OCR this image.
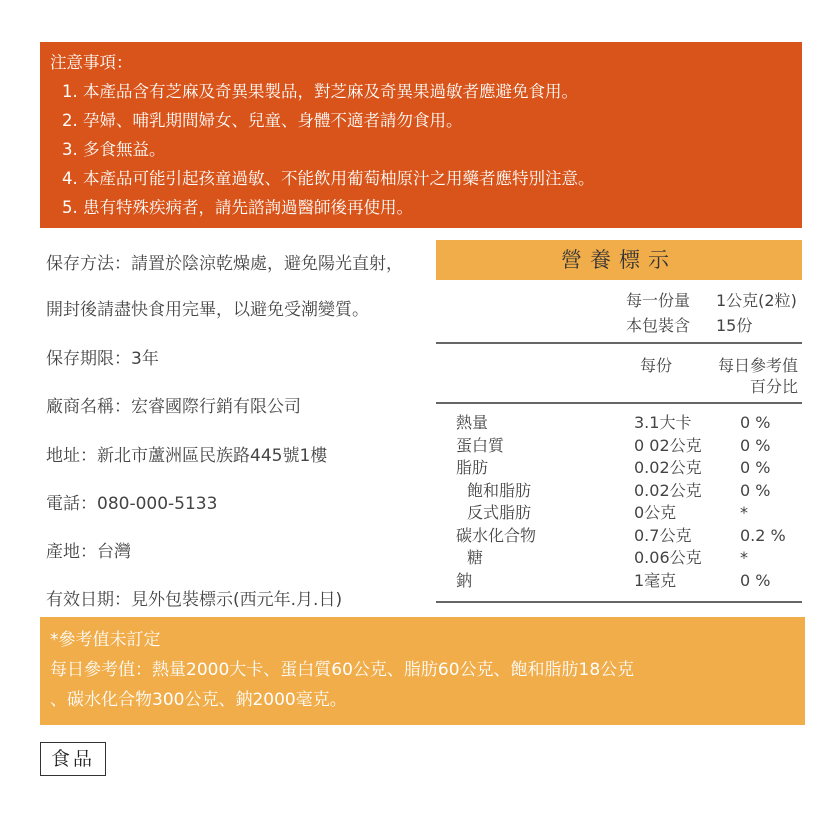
注意事項：
1. 本產品含有芝麻及奇異果製品，對芝麻及奇異果過敏者應避免食用。
2. 孕婦、哺乳期間婦女、兒童、身體不適者請勿食用。
3. 多食無益。
4. 本產品可能引起孩童過敏、不能飲用葡萄柚原汁之用藥者應特別注意。
5. 患有特殊疾病者，請先諮詢過醫師後再使用。
保存方法：請置於陰涼乾燥處，避免陽光直射，
開封後請盡快食用完畢，以避免受潮變質。
保存期限：3年
廠商名稱：宏睿國際行銷有限公司
地址：新北市蘆洲區民族路445號1樓
電話：080-000-5133
產地：台灣
有效日期：見外包裝標示(西元年.月.日)
營養標示
每一份量 1公克(2粒)
本包裝含 15份
每份	每日參考值
百分比
熱量	3.1大卡	0 %
蛋白質	0 02公克 0 %
脂肪	0.02公克 0 %
飽和脂肪	0.02公克 0 %
反式脂肪	0公克	*
碳水化合物	0.7公克	0.2 %
糖	0.06公克 *
鈉	1毫克	0 %
*參考值未訂定
每日參考值：熱量2000大卡、蛋白質60公克、脂肪60公克、飽和脂肪18公克
、碳水化合物300公克、鈉2000毫克。
食品
